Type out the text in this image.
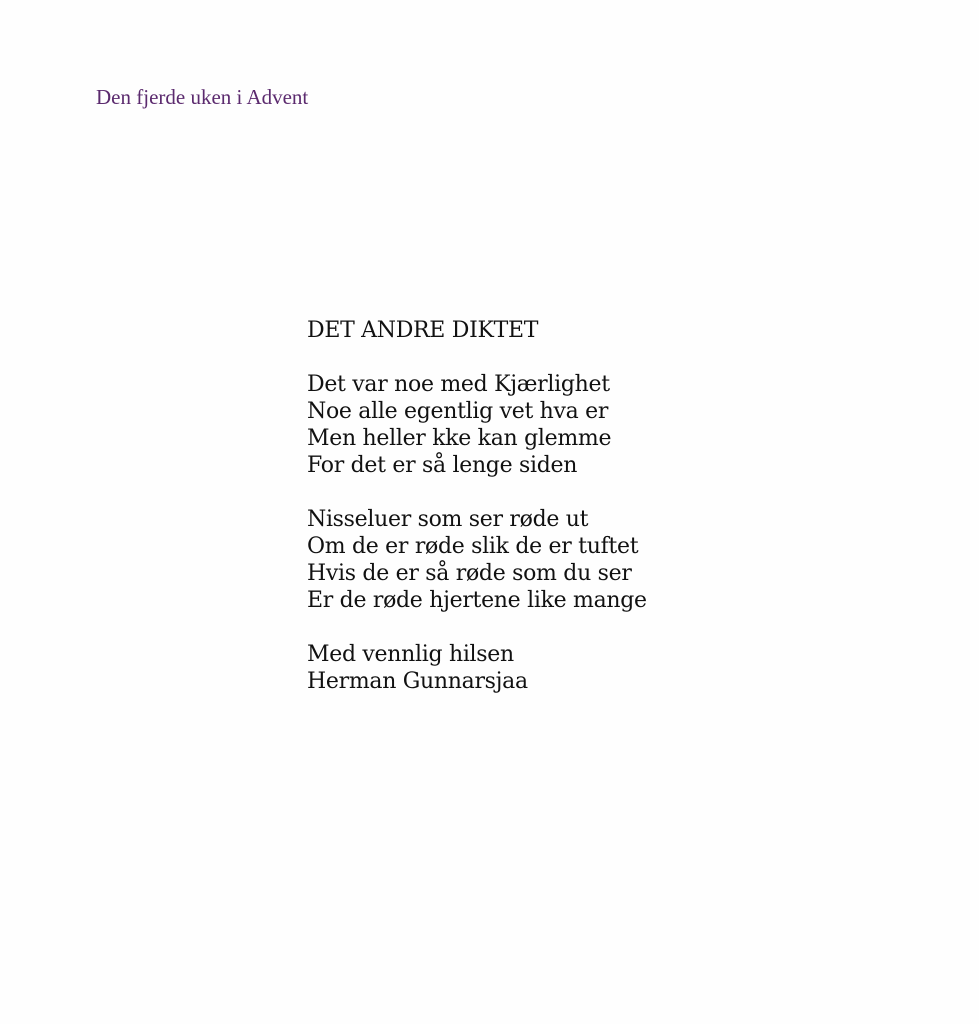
Den fjerde uken i Advent
DET ANDRE DIKTET
Det var noe med Kjærlighet
Noe alle egentlig vet hva er
Men heller kke kan glemme
For det er så lenge siden
Nisseluer som ser røde ut
Om de er røde slik de er tuftet
Hvis de er så røde som du ser
Er de røde hjertene like mange
Med vennlig hilsen
Herman Gunnarsjaa
